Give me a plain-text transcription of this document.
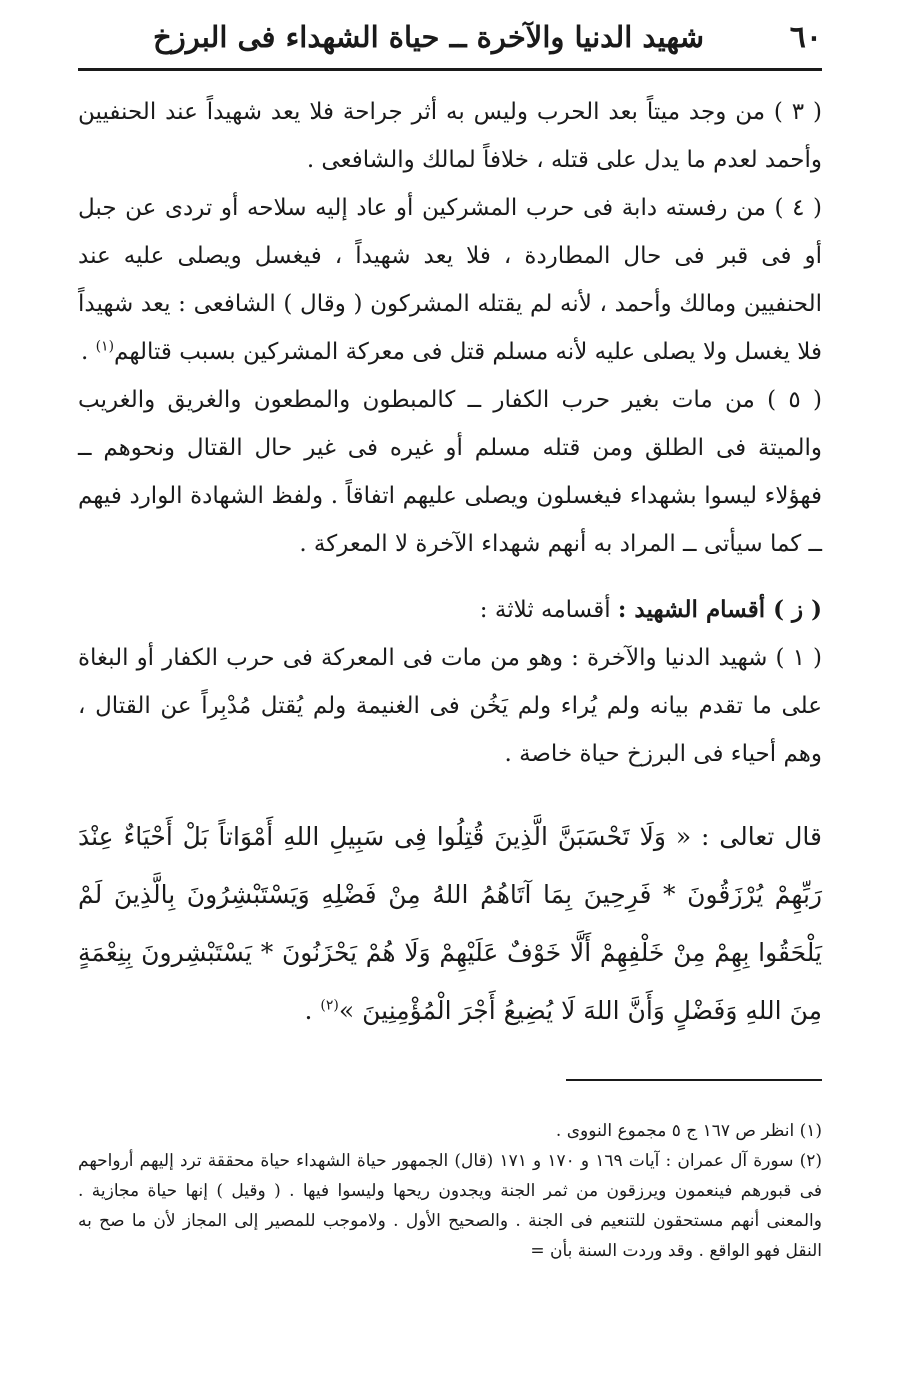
٦٠
شهيد الدنيا والآخرة ــ حياة الشهداء فى البرزخ

( ٣ ) من وجد ميتاً بعد الحرب وليس به أثر جراحة فلا يعد شهيداً عند الحنفيين وأحمد لعدم ما يدل على قتله ، خلافاً لمالك والشافعى .

( ٤ ) من رفسته دابة فى حرب المشركين أو عاد إليه سلاحه أو تردى عن جبل أو فى قبر فى حال المطاردة ، فلا يعد شهيداً ، فيغسل ويصلى عليه عند الحنفيين ومالك وأحمد ، لأنه لم يقتله المشركون ( وقال ) الشافعى : يعد شهيداً فلا يغسل ولا يصلى عليه لأنه مسلم قتل فى معركة المشركين بسبب قتالهم$^{(١)}$ .

( ٥ ) من مات بغير حرب الكفار ــ كالمبطون والمطعون والغريق والغريب والميتة فى الطلق ومن قتله مسلم أو غيره فى غير حال القتال ونحوهم ــ فهؤلاء ليسوا بشهداء فيغسلون ويصلى عليهم اتفاقاً . ولفظ الشهادة الوارد فيهم ــ كما سيأتى ــ المراد به أنهم شهداء الآخرة لا المعركة .

( ز ) أقسام الشهيد : أقسامه ثلاثة :

( ١ ) شهيد الدنيا والآخرة : وهو من مات فى المعركة فى حرب الكفار أو البغاة على ما تقدم بيانه ولم يُراء ولم يَخُن فى الغنيمة ولم يُقتل مُدْبِراً عن القتال ، وهم أحياء فى البرزخ حياة خاصة .

قال تعالى : « وَلَا تَحْسَبَنَّ الَّذِينَ قُتِلُوا فِى سَبِيلِ اللهِ أَمْوَاتاً بَلْ أَحْيَاءٌ عِنْدَ رَبِّهِمْ يُرْزَقُونَ * فَرِحِينَ بِمَا آتَاهُمُ اللهُ مِنْ فَضْلِهِ وَيَسْتَبْشِرُونَ بِالَّذِينَ لَمْ يَلْحَقُوا بِهِمْ مِنْ خَلْفِهِمْ أَلَّا خَوْفٌ عَلَيْهِمْ وَلَا هُمْ يَحْزَنُونَ * يَسْتَبْشِرونَ بِنِعْمَةٍ مِنَ اللهِ وَفَضْلٍ وَأَنَّ اللهَ لَا يُضِيعُ أَجْرَ الْمُؤْمِنِينَ »$^{(٢)}$ .

(١) انظر ص ١٦٧ ج ٥ مجموع النووى .

(٢) سورة آل عمران : آيات ١٦٩ و ١٧٠ و ١٧١ (قال) الجمهور حياة الشهداء حياة محققة ترد إليهم أرواحهم فى قبورهم فينعمون ويرزقون من ثمر الجنة ويجدون ريحها وليسوا فيها . ( وقيل ) إنها حياة مجازية . والمعنى أنهم مستحقون للتنعيم فى الجنة . والصحيح الأول . ولاموجب للمصير إلى المجاز لأن ما صح به النقل فهو الواقع . وقد وردت السنة بأن =
